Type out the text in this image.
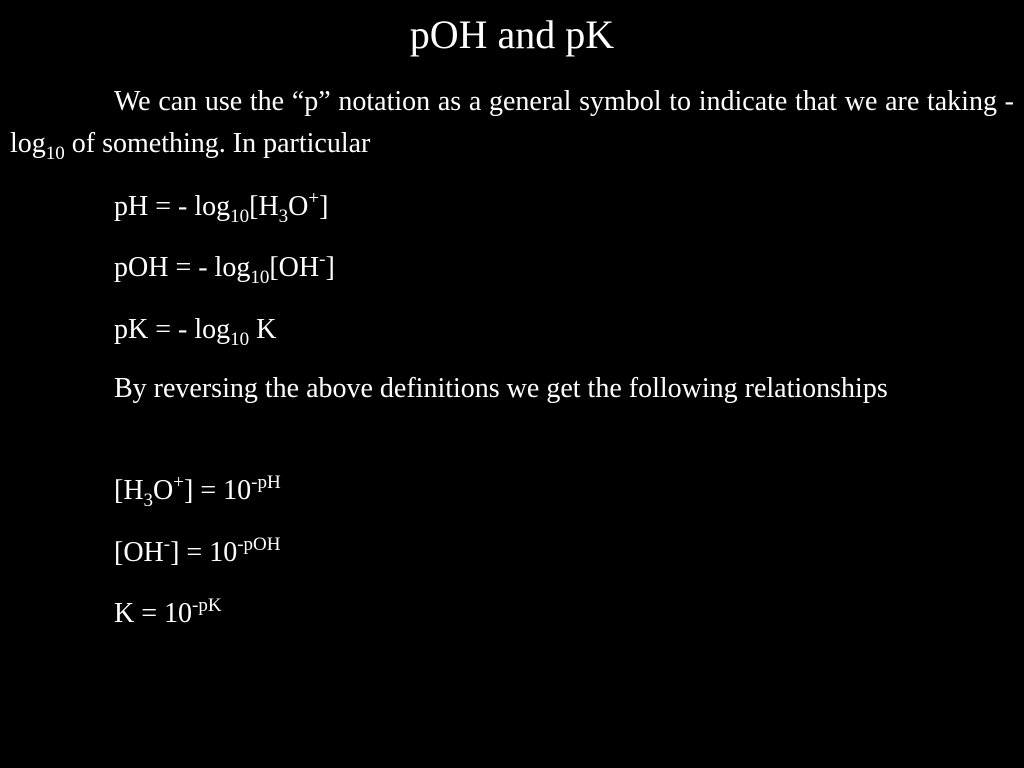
pOH and pK
We can use the “p” notation as a general symbol to indicate that we are taking - $\log_{10}$ of something. In particular
pH = - $\log_{10}[H_3O^+]$
pOH = - $\log_{10}[OH^-]$
pK = - $\log_{10} K$
By reversing the above definitions we get the following relationships
$[H_3O^+] = 10^{-pH}$
$[OH^-] = 10^{-pOH}$
$K = 10^{-pK}$
